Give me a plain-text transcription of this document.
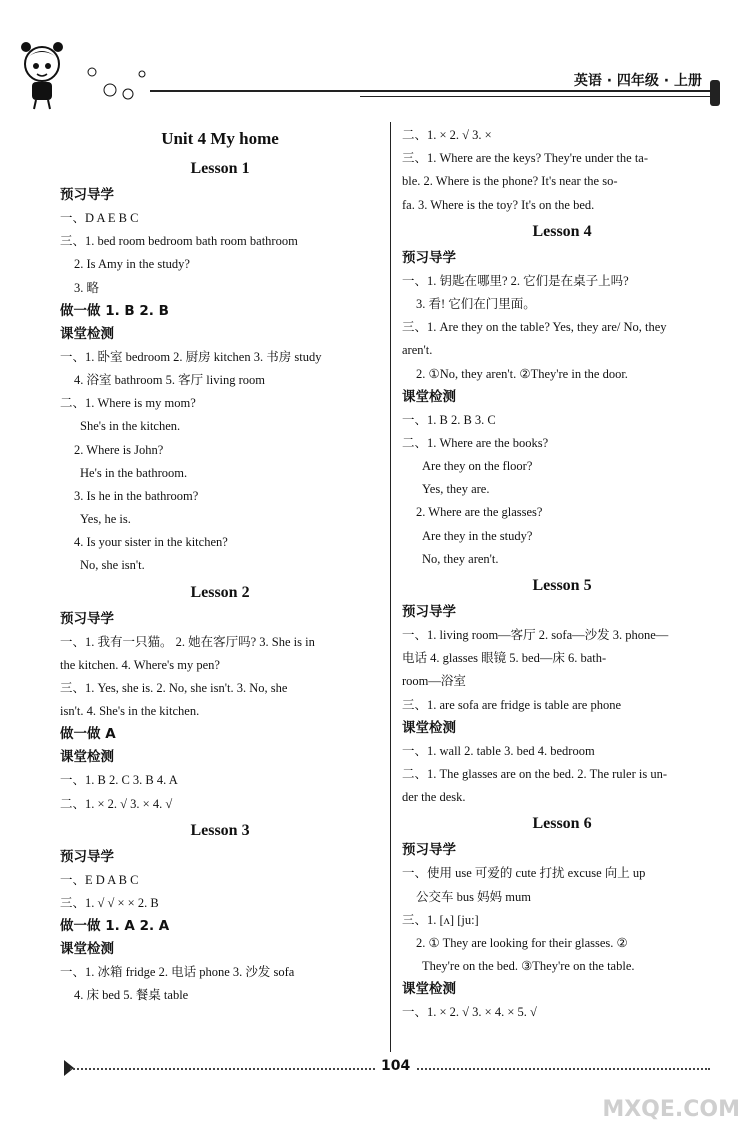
英语 · 四年级 · 上册
Unit 4 My home
Lesson 1
预习导学
一、D A E B C
三、1. bed room bedroom bath room bathroom
2. Is Amy in the study?
3. 略
做一做 1. B 2. B
课堂检测
一、1. 卧室 bedroom 2. 厨房 kitchen 3. 书房 study
4. 浴室 bathroom 5. 客厅 living room
二、1. Where is my mom?
She's in the kitchen.
2. Where is John?
He's in the bathroom.
3. Is he in the bathroom?
Yes, he is.
4. Is your sister in the kitchen?
No, she isn't.
Lesson 2
预习导学
一、1. 我有一只猫。 2. 她在客厅吗? 3. She is in
the kitchen. 4. Where's my pen?
三、1. Yes, she is. 2. No, she isn't. 3. No, she
isn't. 4. She's in the kitchen.
做一做 A
课堂检测
一、1. B 2. C 3. B 4. A
二、1. × 2. √ 3. × 4. √
Lesson 3
预习导学
一、E D A B C
三、1. √ √ × × 2. B
做一做 1. A 2. A
课堂检测
一、1. 冰箱 fridge 2. 电话 phone 3. 沙发 sofa
4. 床 bed 5. 餐桌 table
二、1. × 2. √ 3. ×
三、1. Where are the keys? They're under the ta-
ble. 2. Where is the phone? It's near the so-
fa. 3. Where is the toy? It's on the bed.
Lesson 4
预习导学
一、1. 钥匙在哪里? 2. 它们是在桌子上吗?
3. 看! 它们在门里面。
三、1. Are they on the table? Yes, they are/ No, they
aren't.
2. ①No, they aren't. ②They're in the door.
课堂检测
一、1. B 2. B 3. C
二、1. Where are the books?
Are they on the floor?
Yes, they are.
2. Where are the glasses?
Are they in the study?
No, they aren't.
Lesson 5
预习导学
一、1. living room—客厅 2. sofa—沙发 3. phone—
电话 4. glasses 眼镜 5. bed—床 6. bath-
room—浴室
三、1. are sofa are fridge is table are phone
课堂检测
一、1. wall 2. table 3. bed 4. bedroom
二、1. The glasses are on the bed. 2. The ruler is un-
der the desk.
Lesson 6
预习导学
一、使用 use 可爱的 cute 打扰 excuse 向上 up
公交车 bus 妈妈 mum
三、1. [ʌ] [ju:]
2. ① They are looking for their glasses. ②
They're on the bed. ③They're on the table.
课堂检测
一、1. × 2. √ 3. × 4. × 5. √
104
MXQE.COM
